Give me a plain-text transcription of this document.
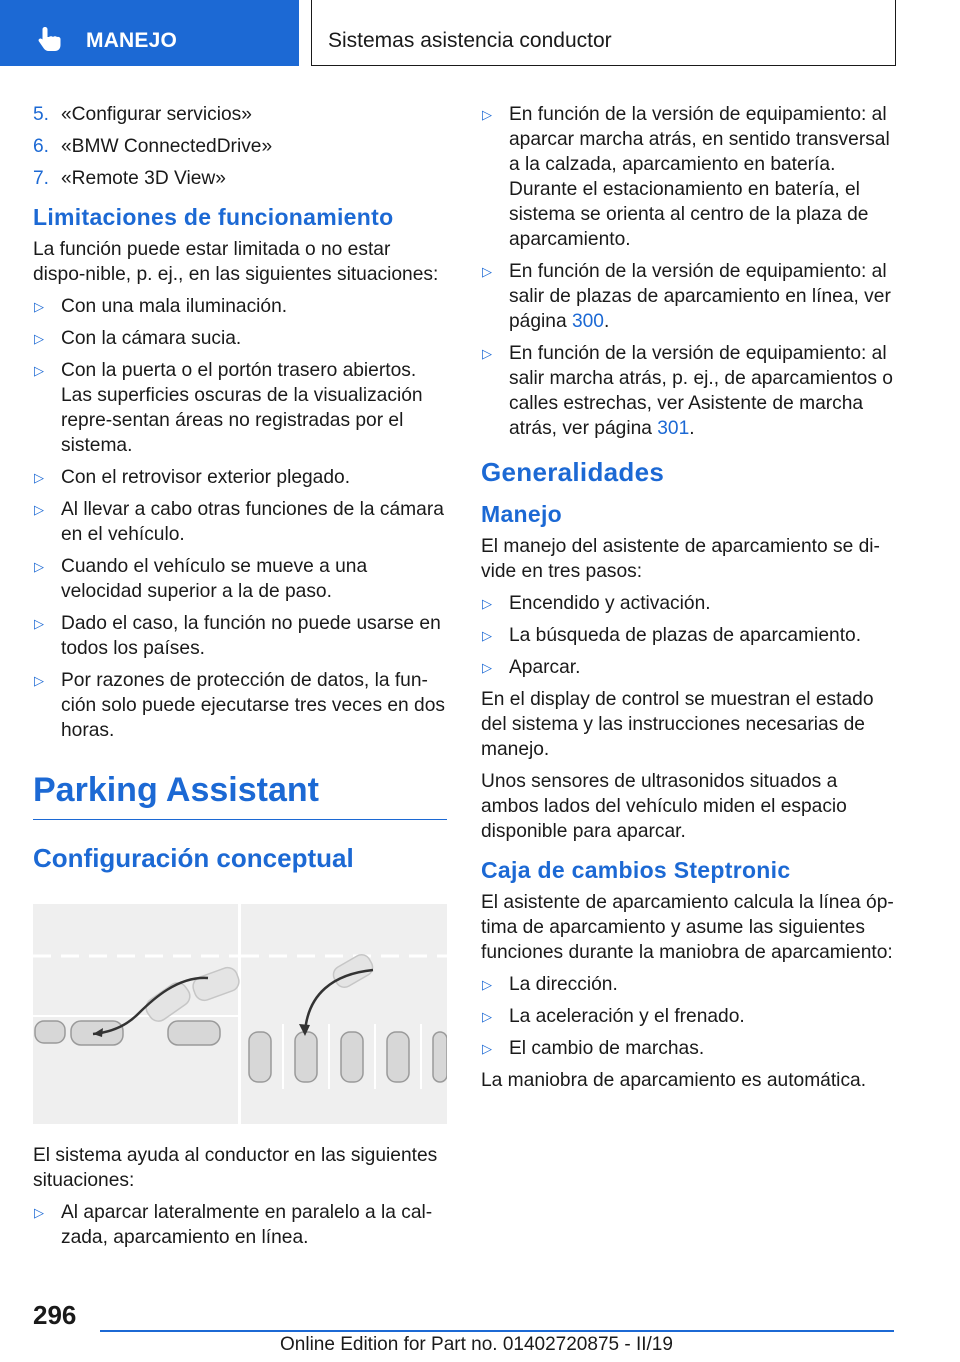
MANEJO	Sistemas asistencia conductor
5. «Configurar servicios»
6. «BMW ConnectedDrive»
7. «Remote 3D View»
Limitaciones de funcionamiento
La función puede estar limitada o no estar dispo‐nible, p. ej., en las siguientes situaciones:
▷ Con una mala iluminación.
▷ Con la cámara sucia.
▷ Con la puerta o el portón trasero abiertos. Las superficies oscuras de la visualización repre‐sentan áreas no registradas por el sistema.
▷ Con el retrovisor exterior plegado.
▷ Al llevar a cabo otras funciones de la cámara en el vehículo.
▷ Cuando el vehículo se mueve a una velocidad superior a la de paso.
▷ Dado el caso, la función no puede usarse en todos los países.
▷ Por razones de protección de datos, la fun‐ción solo puede ejecutarse tres veces en dos horas.
Parking Assistant
Configuración conceptual
El sistema ayuda al conductor en las siguientes situaciones:
▷ Al aparcar lateralmente en paralelo a la cal‐zada, aparcamiento en línea.
▷ En función de la versión de equipamiento: al aparcar marcha atrás, en sentido transversal a la calzada, aparcamiento en batería. Durante el estacionamiento en batería, el sistema se orienta al centro de la plaza de aparcamiento.
▷ En función de la versión de equipamiento: al salir de plazas de aparcamiento en línea, ver página 300.
▷ En función de la versión de equipamiento: al salir marcha atrás, p. ej., de aparcamientos o calles estrechas, ver Asistente de marcha atrás, ver página 301.
Generalidades
Manejo
El manejo del asistente de aparcamiento se di‐vide en tres pasos:
▷ Encendido y activación.
▷ La búsqueda de plazas de aparcamiento.
▷ Aparcar.
En el display de control se muestran el estado del sistema y las instrucciones necesarias de manejo.
Unos sensores de ultrasonidos situados a ambos lados del vehículo miden el espacio disponible para aparcar.
Caja de cambios Steptronic
El asistente de aparcamiento calcula la línea óp‐tima de aparcamiento y asume las siguientes funciones durante la maniobra de aparcamiento:
▷ La dirección.
▷ La aceleración y el frenado.
▷ El cambio de marchas.
La maniobra de aparcamiento es automática.
296
Online Edition for Part no. 01402720875 - II/19
